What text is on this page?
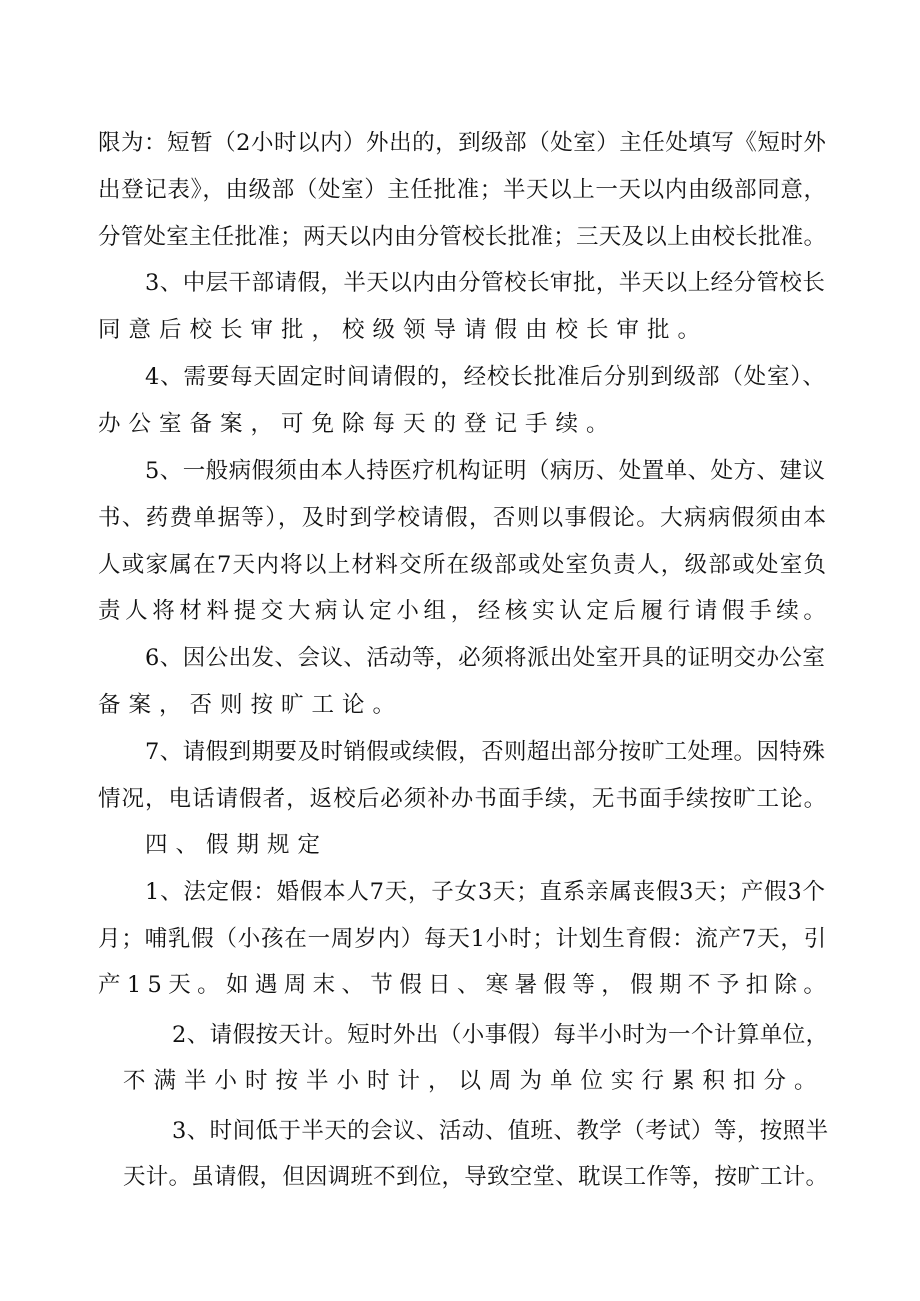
限为：短暂（2小时以内）外出的，到级部（处室）主任处填写《短时外
出登记表》，由级部（处室）主任批准；半天以上一天以内由级部同意，
分管处室主任批准；两天以内由分管校长批准；三天及以上由校长批准。
3、中层干部请假，半天以内由分管校长审批，半天以上经分管校长
同意后校长审批，校级领导请假由校长审批。
4、需要每天固定时间请假的，经校长批准后分别到级部（处室）、
办公室备案，可免除每天的登记手续。
5、一般病假须由本人持医疗机构证明（病历、处置单、处方、建议
书、药费单据等），及时到学校请假，否则以事假论。大病病假须由本
人或家属在7天内将以上材料交所在级部或处室负责人，级部或处室负
责人将材料提交大病认定小组，经核实认定后履行请假手续。
6、因公出发、会议、活动等，必须将派出处室开具的证明交办公室
备案，否则按旷工论。
7、请假到期要及时销假或续假，否则超出部分按旷工处理。因特殊
情况，电话请假者，返校后必须补办书面手续，无书面手续按旷工论。
四、假期规定
1、法定假：婚假本人7天，子女3天；直系亲属丧假3天；产假3个
月；哺乳假（小孩在一周岁内）每天1小时；计划生育假：流产7天，引
产15天。如遇周末、节假日、寒暑假等，假期不予扣除。
2、请假按天计。短时外出（小事假）每半小时为一个计算单位，
不满半小时按半小时计，以周为单位实行累积扣分。
3、时间低于半天的会议、活动、值班、教学（考试）等，按照半
天计。虽请假，但因调班不到位，导致空堂、耽误工作等，按旷工计。
